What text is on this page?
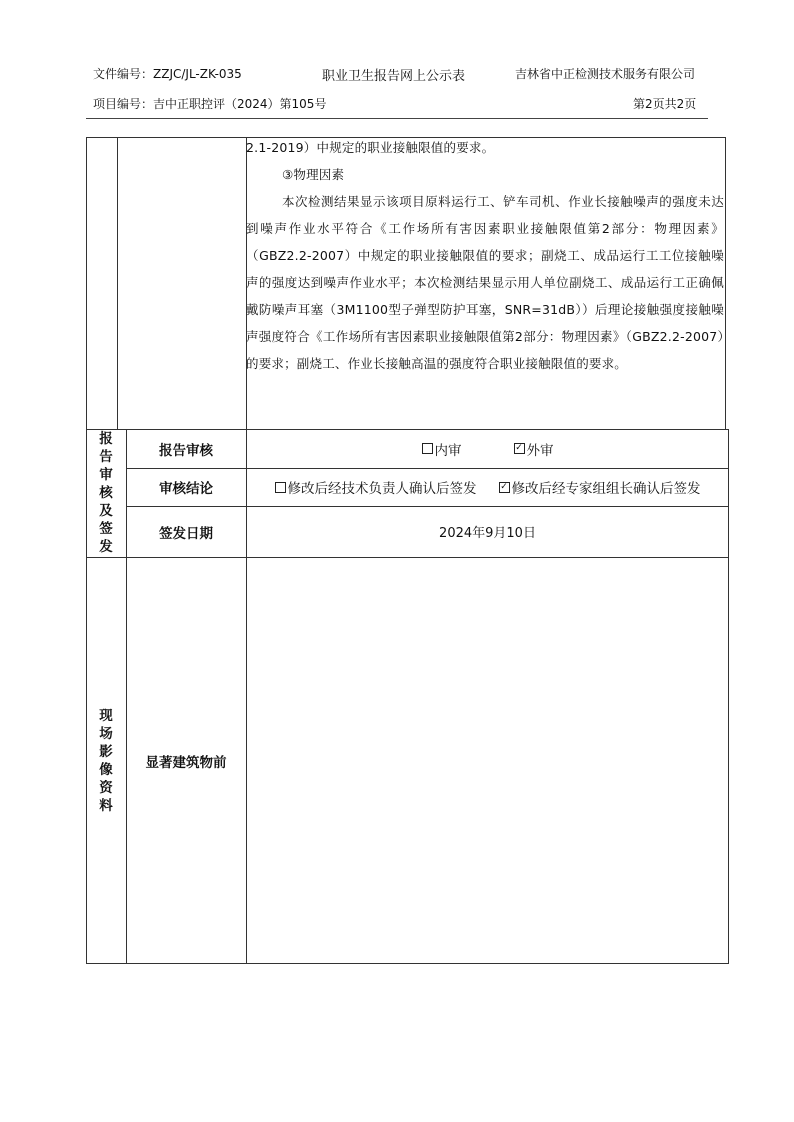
文件编号：ZZJC/JL-ZK-035	职业卫生报告网上公示表	吉林省中正检测技术服务有限公司
项目编号：吉中正职控评（2024）第105号	第2页共2页

2.1-2019）中规定的职业接触限值的要求。

③物理因素

本次检测结果显示该项目原料运行工、铲车司机、作业长接触噪声的强度未达到噪声作业水平符合《工作场所有害因素职业接触限值第2部分：物理因素》（GBZ2.2-2007）中规定的职业接触限值的要求；副烧工、成品运行工工位接触噪声的强度达到噪声作业水平；本次检测结果显示用人单位副烧工、成品运行工正确佩戴防噪声耳塞（3M1100型子弹型防护耳塞，SNR=31dB））后理论接触强度接触噪声强度符合《工作场所有害因素职业接触限值第2部分：物理因素》（GBZ2.2-2007）的要求；副烧工、作业长接触高温的强度符合职业接触限值的要求。

报
告
审
核
及
签
发
报告审核	内审	✓ 外审
审核结论	修改后经技术负责人确认后签发	✓ 修改后经专家组组长确认后签发
签发日期	2024年9月10日
现
场
影
像
资
料
显著建筑物前
